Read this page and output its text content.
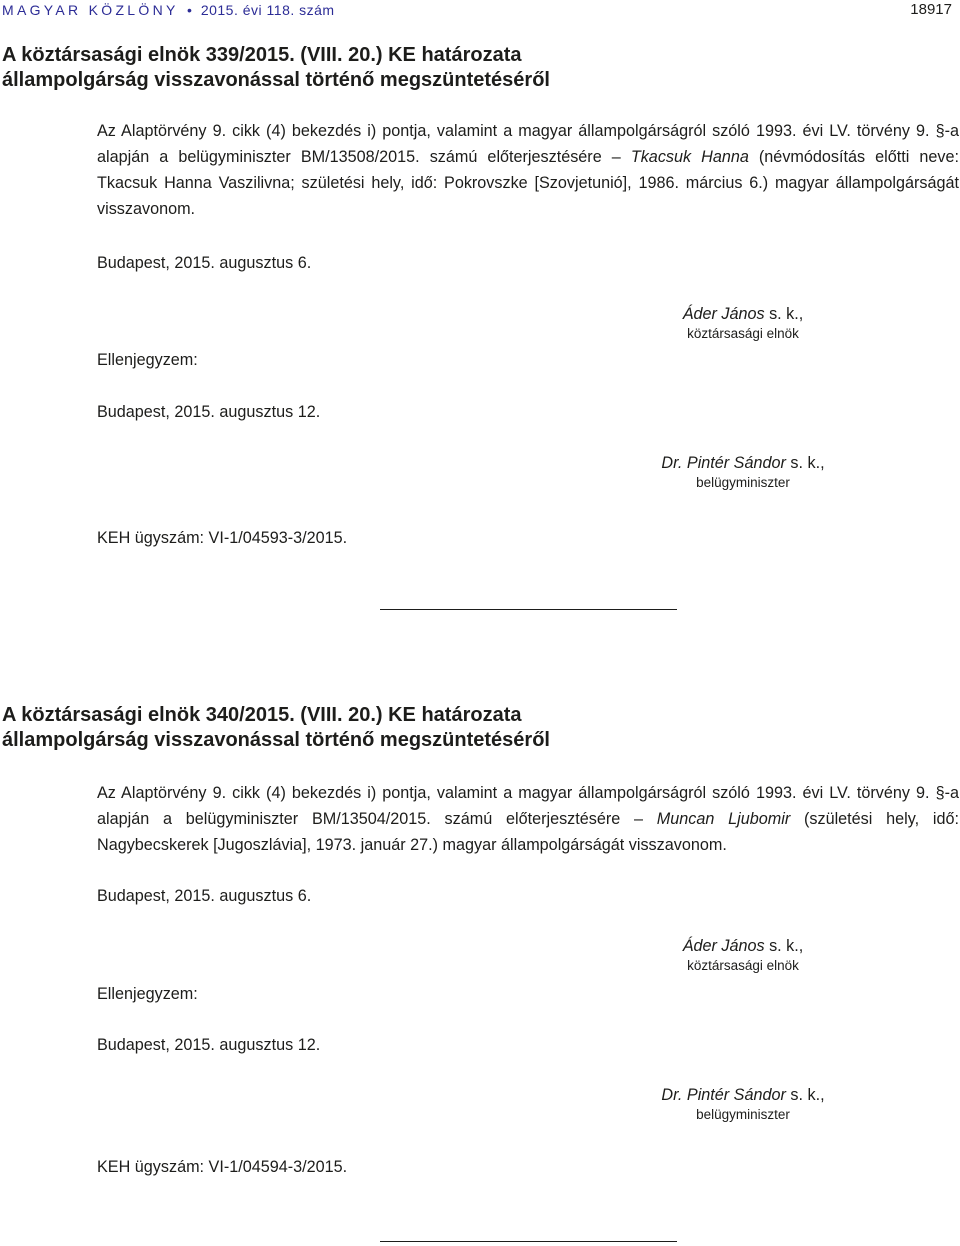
MAGYAR KÖZLÖNY • 2015. évi 118. szám	18917
A köztársasági elnök 339/2015. (VIII. 20.) KE határozata
állampolgárság visszavonással történő megszüntetéséről
Az Alaptörvény 9. cikk (4) bekezdés i) pontja, valamint a magyar állampolgárságról szóló 1993. évi LV. törvény 9. §-a alapján a belügyminiszter BM/13508/2015. számú előterjesztésére – Tkacsuk Hanna (névmódosítás előtti neve: Tkacsuk Hanna Vaszilivna; születési hely, idő: Pokrovszke [Szovjetunió], 1986. március 6.) magyar állampolgárságát visszavonom.
Budapest, 2015. augusztus 6.
Áder János s. k.,
köztársasági elnök
Ellenjegyzem:
Budapest, 2015. augusztus 12.
Dr. Pintér Sándor s. k.,
belügyminiszter
KEH ügyszám: VI-1/04593-3/2015.
A köztársasági elnök 340/2015. (VIII. 20.) KE határozata
állampolgárság visszavonással történő megszüntetéséről
Az Alaptörvény 9. cikk (4) bekezdés i) pontja, valamint a magyar állampolgárságról szóló 1993. évi LV. törvény 9. §-a alapján a belügyminiszter BM/13504/2015. számú előterjesztésére – Muncan Ljubomir (születési hely, idő: Nagybecskerek [Jugoszlávia], 1973. január 27.) magyar állampolgárságát visszavonom.
Budapest, 2015. augusztus 6.
Áder János s. k.,
köztársasági elnök
Ellenjegyzem:
Budapest, 2015. augusztus 12.
Dr. Pintér Sándor s. k.,
belügyminiszter
KEH ügyszám: VI-1/04594-3/2015.
